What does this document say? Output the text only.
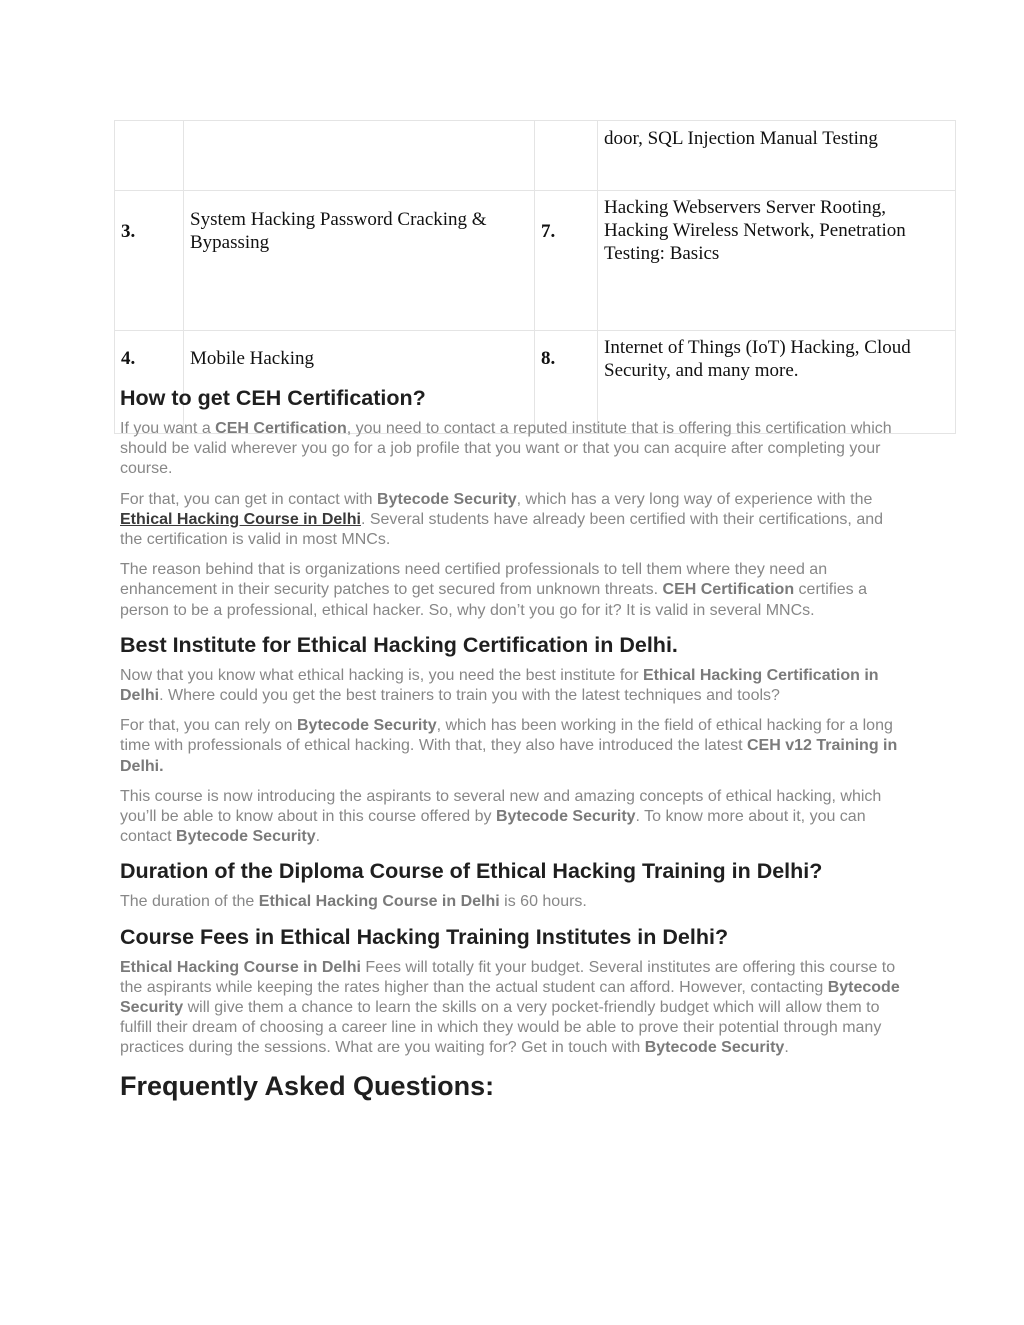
			door, SQL Injection Manual Testing
3.	System Hacking Password Cracking & Bypassing	7.	Hacking Webservers Server Rooting, Hacking Wireless Network, Penetration Testing: Basics
4.	Mobile Hacking	8.	Internet of Things (IoT) Hacking, Cloud Security, and many more.
How to get CEH Certification?

If you want a CEH Certification, you need to contact a reputed institute that is offering this certification which should be valid wherever you go for a job profile that you want or that you can acquire after completing your course.

For that, you can get in contact with Bytecode Security, which has a very long way of experience with the Ethical Hacking Course in Delhi. Several students have already been certified with their certifications, and the certification is valid in most MNCs.

The reason behind that is organizations need certified professionals to tell them where they need an enhancement in their security patches to get secured from unknown threats. CEH Certification certifies a person to be a professional, ethical hacker. So, why don’t you go for it? It is valid in several MNCs.

Best Institute for Ethical Hacking Certification in Delhi.

Now that you know what ethical hacking is, you need the best institute for Ethical Hacking Certification in Delhi. Where could you get the best trainers to train you with the latest techniques and tools?

For that, you can rely on Bytecode Security, which has been working in the field of ethical hacking for a long time with professionals of ethical hacking. With that, they also have introduced the latest CEH v12 Training in Delhi.

This course is now introducing the aspirants to several new and amazing concepts of ethical hacking, which you’ll be able to know about in this course offered by Bytecode Security. To know more about it, you can contact Bytecode Security.

Duration of the Diploma Course of Ethical Hacking Training in Delhi?

The duration of the Ethical Hacking Course in Delhi is 60 hours.

Course Fees in Ethical Hacking Training Institutes in Delhi?

Ethical Hacking Course in Delhi Fees will totally fit your budget. Several institutes are offering this course to the aspirants while keeping the rates higher than the actual student can afford. However, contacting Bytecode Security will give them a chance to learn the skills on a very pocket-friendly budget which will allow them to fulfill their dream of choosing a career line in which they would be able to prove their potential through many practices during the sessions. What are you waiting for? Get in touch with Bytecode Security.

Frequently Asked Questions:
